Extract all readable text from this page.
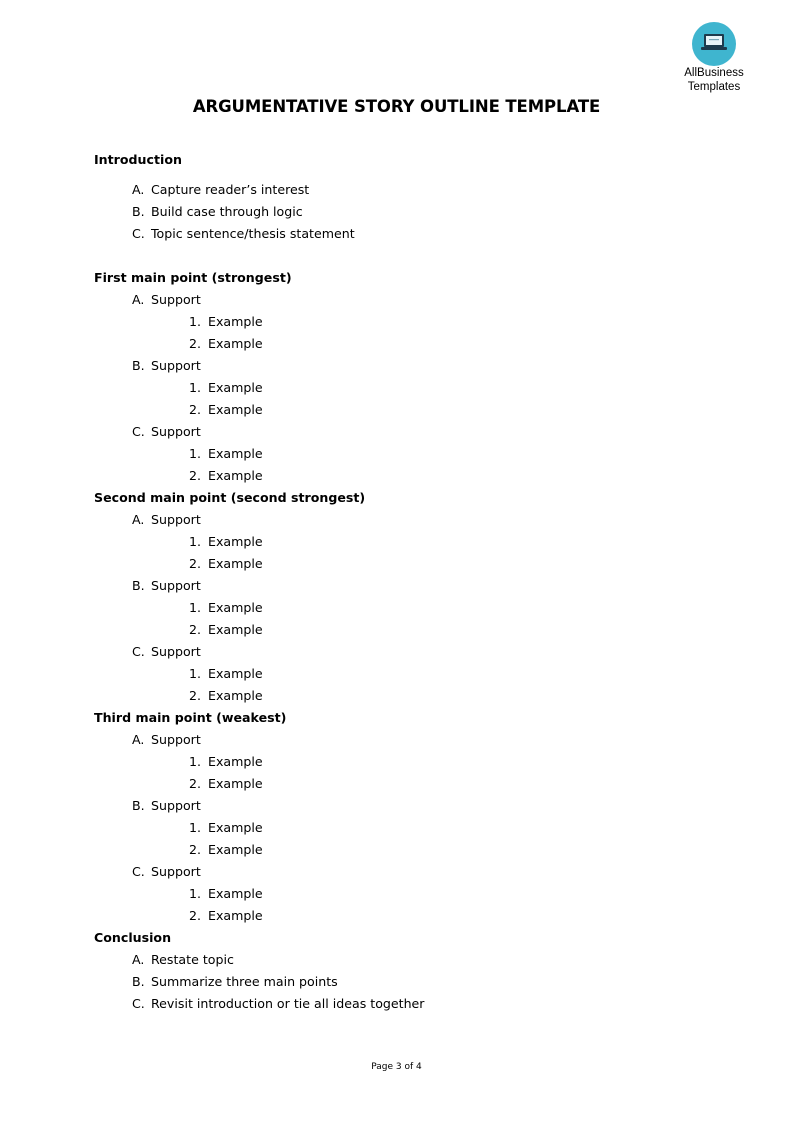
AllBusiness
Templates
ARGUMENTATIVE STORY OUTLINE TEMPLATE
Introduction
A. Capture reader’s interest
B. Build case through logic
C. Topic sentence/thesis statement
First main point (strongest)
A. Support
1. Example
2. Example
B. Support
1. Example
2. Example
C. Support
1. Example
2. Example
Second main point (second strongest)
A. Support
1. Example
2. Example
B. Support
1. Example
2. Example
C. Support
1. Example
2. Example
Third main point (weakest)
A. Support
1. Example
2. Example
B. Support
1. Example
2. Example
C. Support
1. Example
2. Example
Conclusion
A. Restate topic
B. Summarize three main points
C. Revisit introduction or tie all ideas together
Page 3 of 4
